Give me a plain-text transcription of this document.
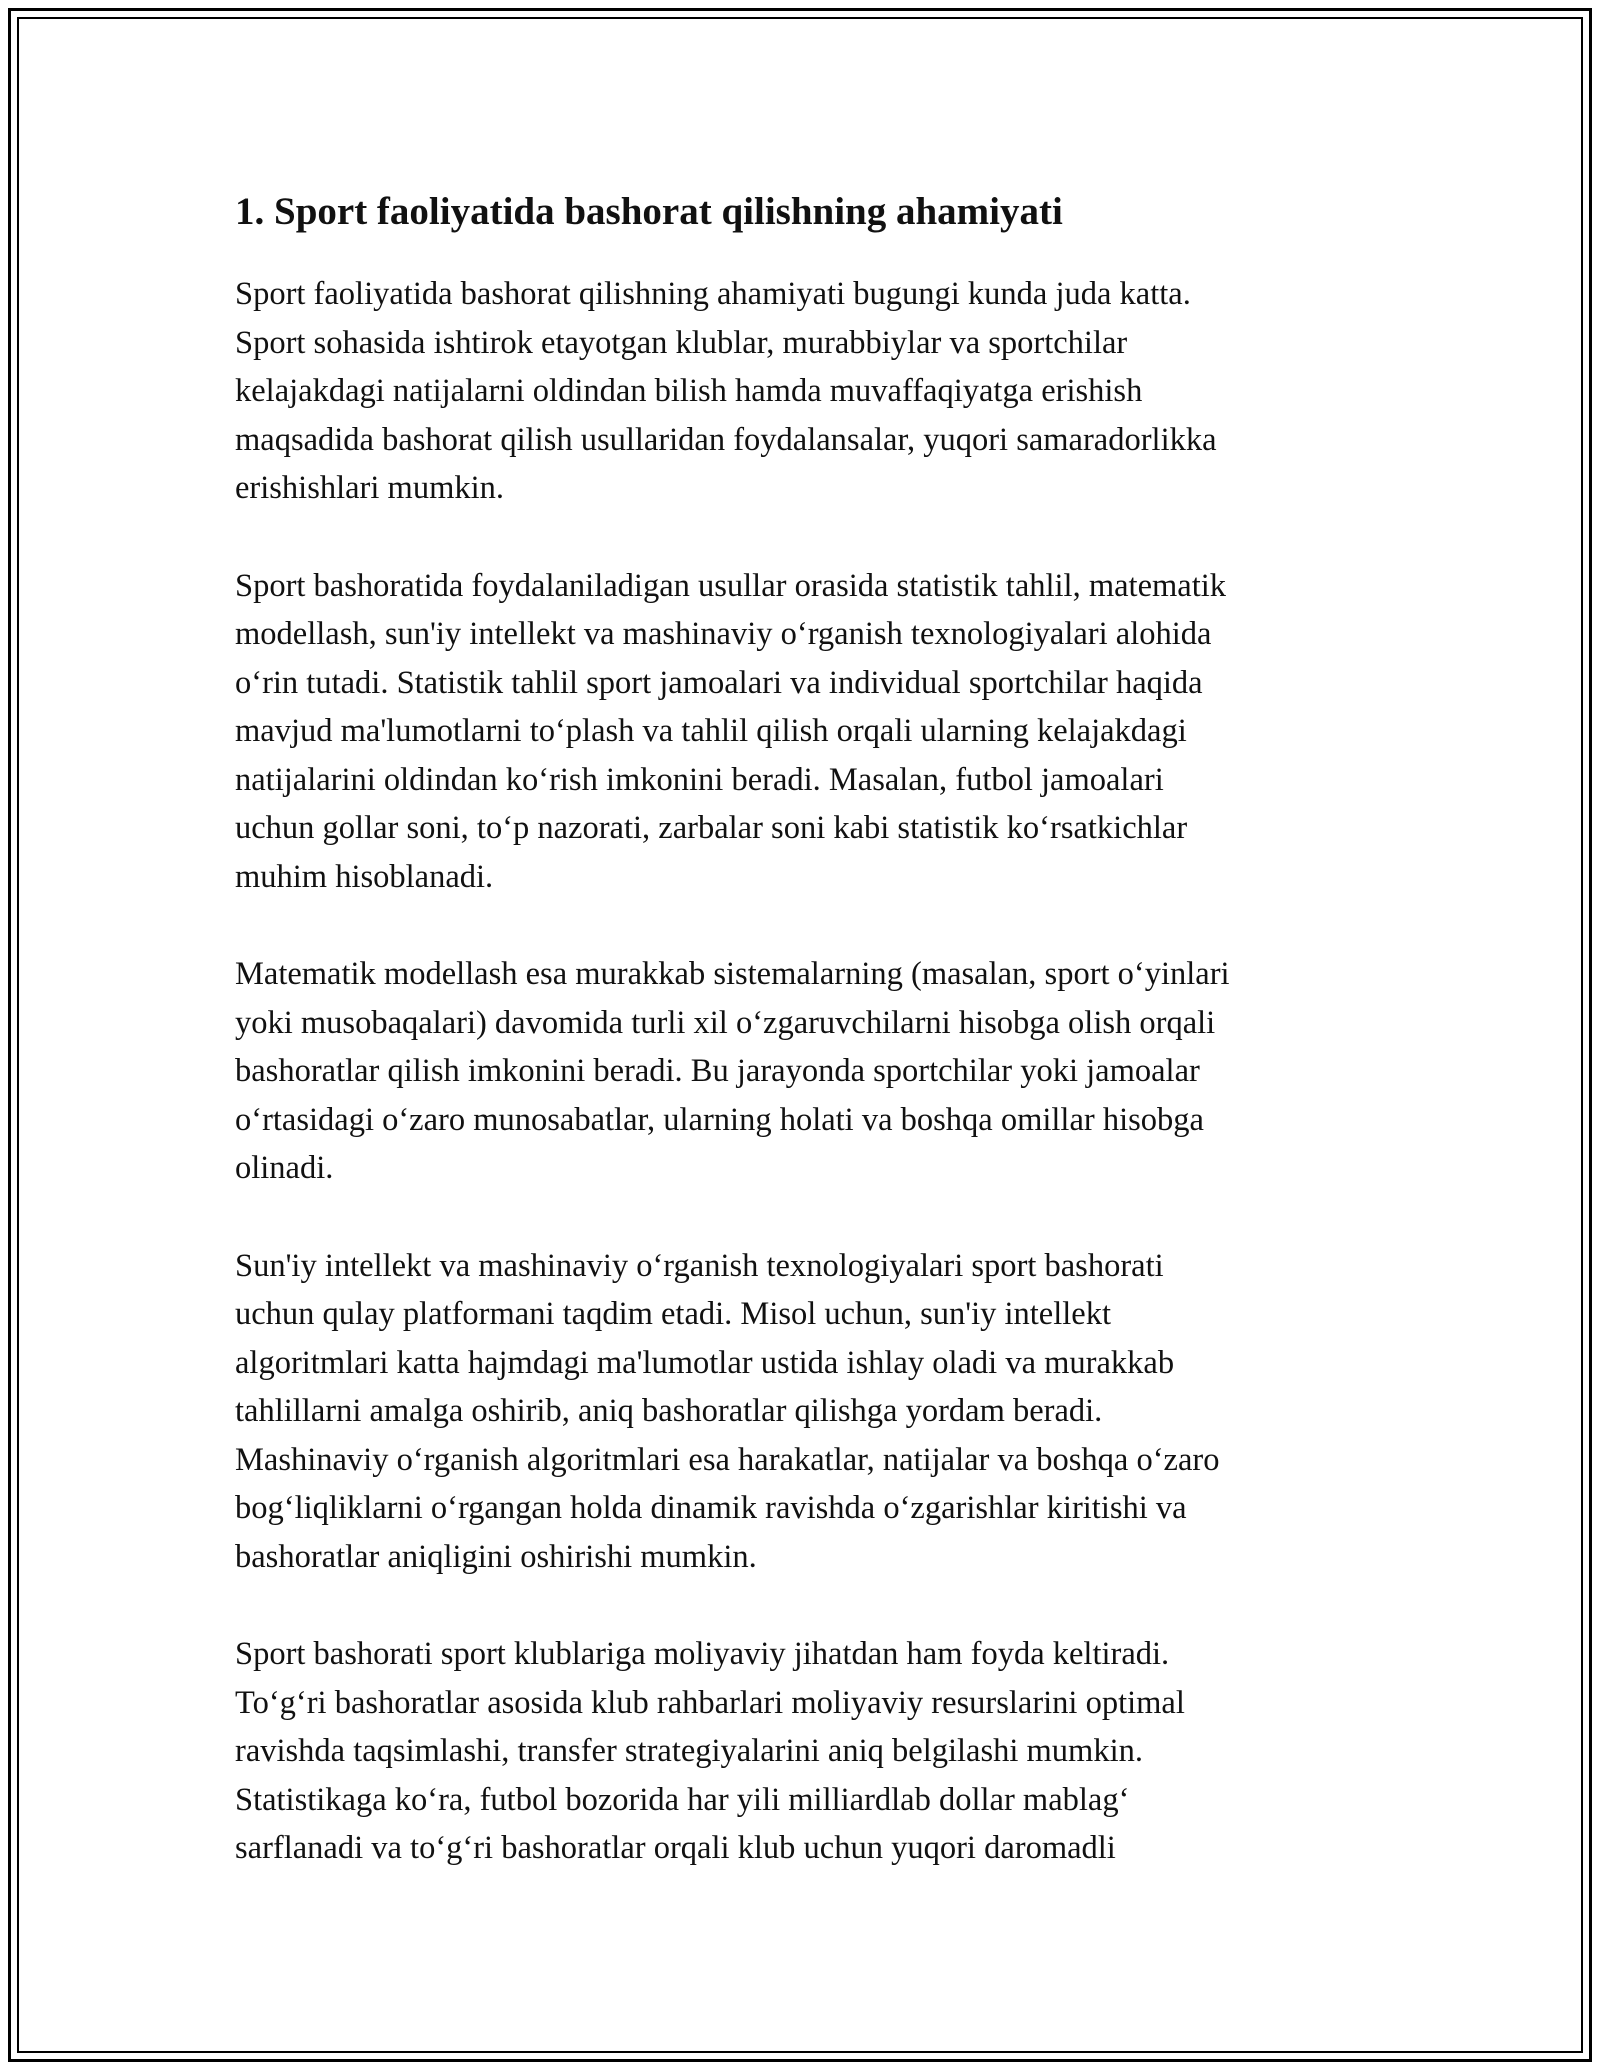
1. Sport faoliyatida bashorat qilishning ahamiyati

Sport faoliyatida bashorat qilishning ahamiyati bugungi kunda juda katta.
Sport sohasida ishtirok etayotgan klublar, murabbiylar va sportchilar
kelajakdagi natijalarni oldindan bilish hamda muvaffaqiyatga erishish
maqsadida bashorat qilish usullaridan foydalansalar, yuqori samaradorlikka
erishishlari mumkin.

Sport bashoratida foydalaniladigan usullar orasida statistik tahlil, matematik
modellash, sun'iy intellekt va mashinaviy o‘rganish texnologiyalari alohida
o‘rin tutadi. Statistik tahlil sport jamoalari va individual sportchilar haqida
mavjud ma'lumotlarni to‘plash va tahlil qilish orqali ularning kelajakdagi
natijalarini oldindan ko‘rish imkonini beradi. Masalan, futbol jamoalari
uchun gollar soni, to‘p nazorati, zarbalar soni kabi statistik ko‘rsatkichlar
muhim hisoblanadi.

Matematik modellash esa murakkab sistemalarning (masalan, sport o‘yinlari
yoki musobaqalari) davomida turli xil o‘zgaruvchilarni hisobga olish orqali
bashoratlar qilish imkonini beradi. Bu jarayonda sportchilar yoki jamoalar
o‘rtasidagi o‘zaro munosabatlar, ularning holati va boshqa omillar hisobga
olinadi.

Sun'iy intellekt va mashinaviy o‘rganish texnologiyalari sport bashorati
uchun qulay platformani taqdim etadi. Misol uchun, sun'iy intellekt
algoritmlari katta hajmdagi ma'lumotlar ustida ishlay oladi va murakkab
tahlillarni amalga oshirib, aniq bashoratlar qilishga yordam beradi.
Mashinaviy o‘rganish algoritmlari esa harakatlar, natijalar va boshqa o‘zaro
bog‘liqliklarni o‘rgangan holda dinamik ravishda o‘zgarishlar kiritishi va
bashoratlar aniqligini oshirishi mumkin.

Sport bashorati sport klublariga moliyaviy jihatdan ham foyda keltiradi.
To‘g‘ri bashoratlar asosida klub rahbarlari moliyaviy resurslarini optimal
ravishda taqsimlashi, transfer strategiyalarini aniq belgilashi mumkin.
Statistikaga ko‘ra, futbol bozorida har yili milliardlab dollar mablag‘
sarflanadi va to‘g‘ri bashoratlar orqali klub uchun yuqori daromadli
